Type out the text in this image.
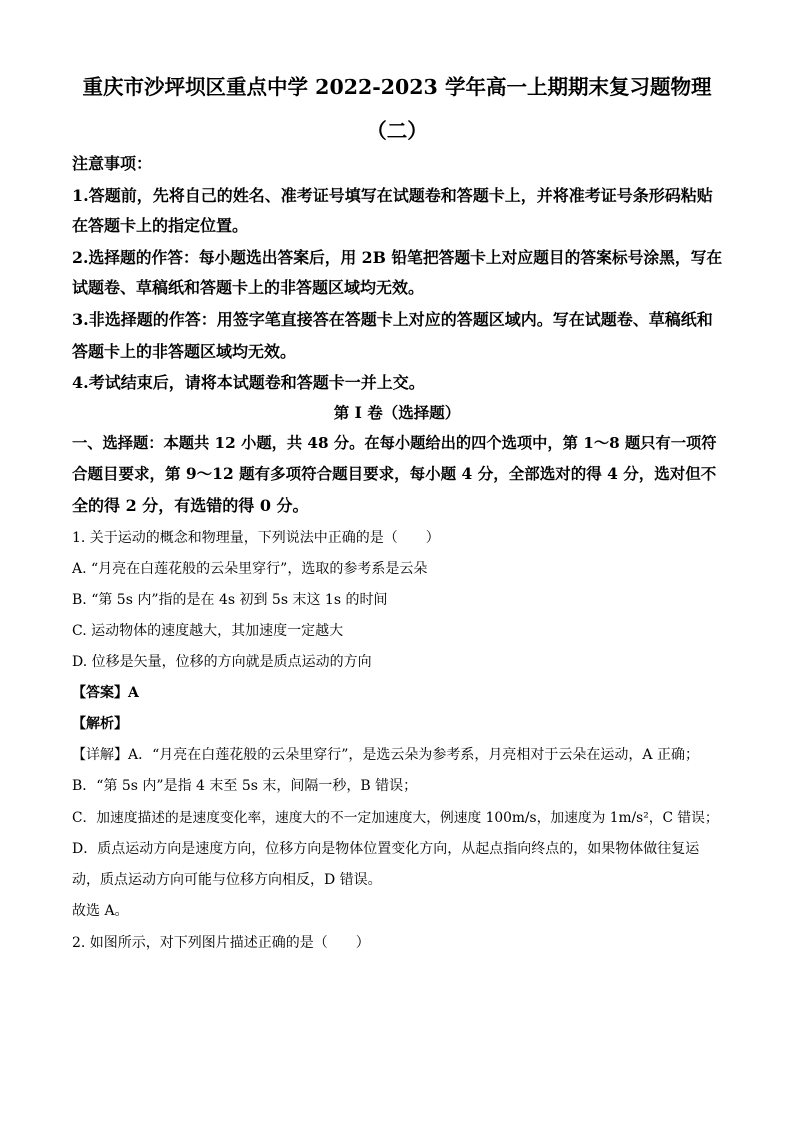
重庆市沙坪坝区重点中学 2022-2023 学年高一上期期末复习题物理
（二）
注意事项：
1.答题前，先将自己的姓名、准考证号填写在试题卷和答题卡上，并将准考证号条形码粘贴
在答题卡上的指定位置。
2.选择题的作答：每小题选出答案后，用 2B 铅笔把答题卡上对应题目的答案标号涂黑，写在
试题卷、草稿纸和答题卡上的非答题区域均无效。
3.非选择题的作答：用签字笔直接答在答题卡上对应的答题区域内。写在试题卷、草稿纸和
答题卡上的非答题区域均无效。
4.考试结束后，请将本试题卷和答题卡一并上交。
第 I 卷（选择题）
一、选择题：本题共 12 小题，共 48 分。在每小题给出的四个选项中，第 1～8 题只有一项符
合题目要求，第 9～12 题有多项符合题目要求，每小题 4 分，全部选对的得 4 分，选对但不
全的得 2 分，有选错的得 0 分。
1. 关于运动的概念和物理量，下列说法中正确的是（　　）
A. “月亮在白莲花般的云朵里穿行”，选取的参考系是云朵
B. “第 5s 内”指的是在 4s 初到 5s 末这 1s 的时间
C. 运动物体的速度越大，其加速度一定越大
D. 位移是矢量，位移的方向就是质点运动的方向
【答案】A
【解析】
【详解】A．“月亮在白莲花般的云朵里穿行”，是选云朵为参考系，月亮相对于云朵在运动，A 正确；
B．“第 5s 内”是指 4 末至 5s 末，间隔一秒，B 错误；
C．加速度描述的是速度变化率，速度大的不一定加速度大，例速度 100m/s，加速度为 1m/s²，C 错误；
D．质点运动方向是速度方向，位移方向是物体位置变化方向，从起点指向终点的，如果物体做往复运
动，质点运动方向可能与位移方向相反，D 错误。
故选 A。
2. 如图所示，对下列图片描述正确的是（　　）
